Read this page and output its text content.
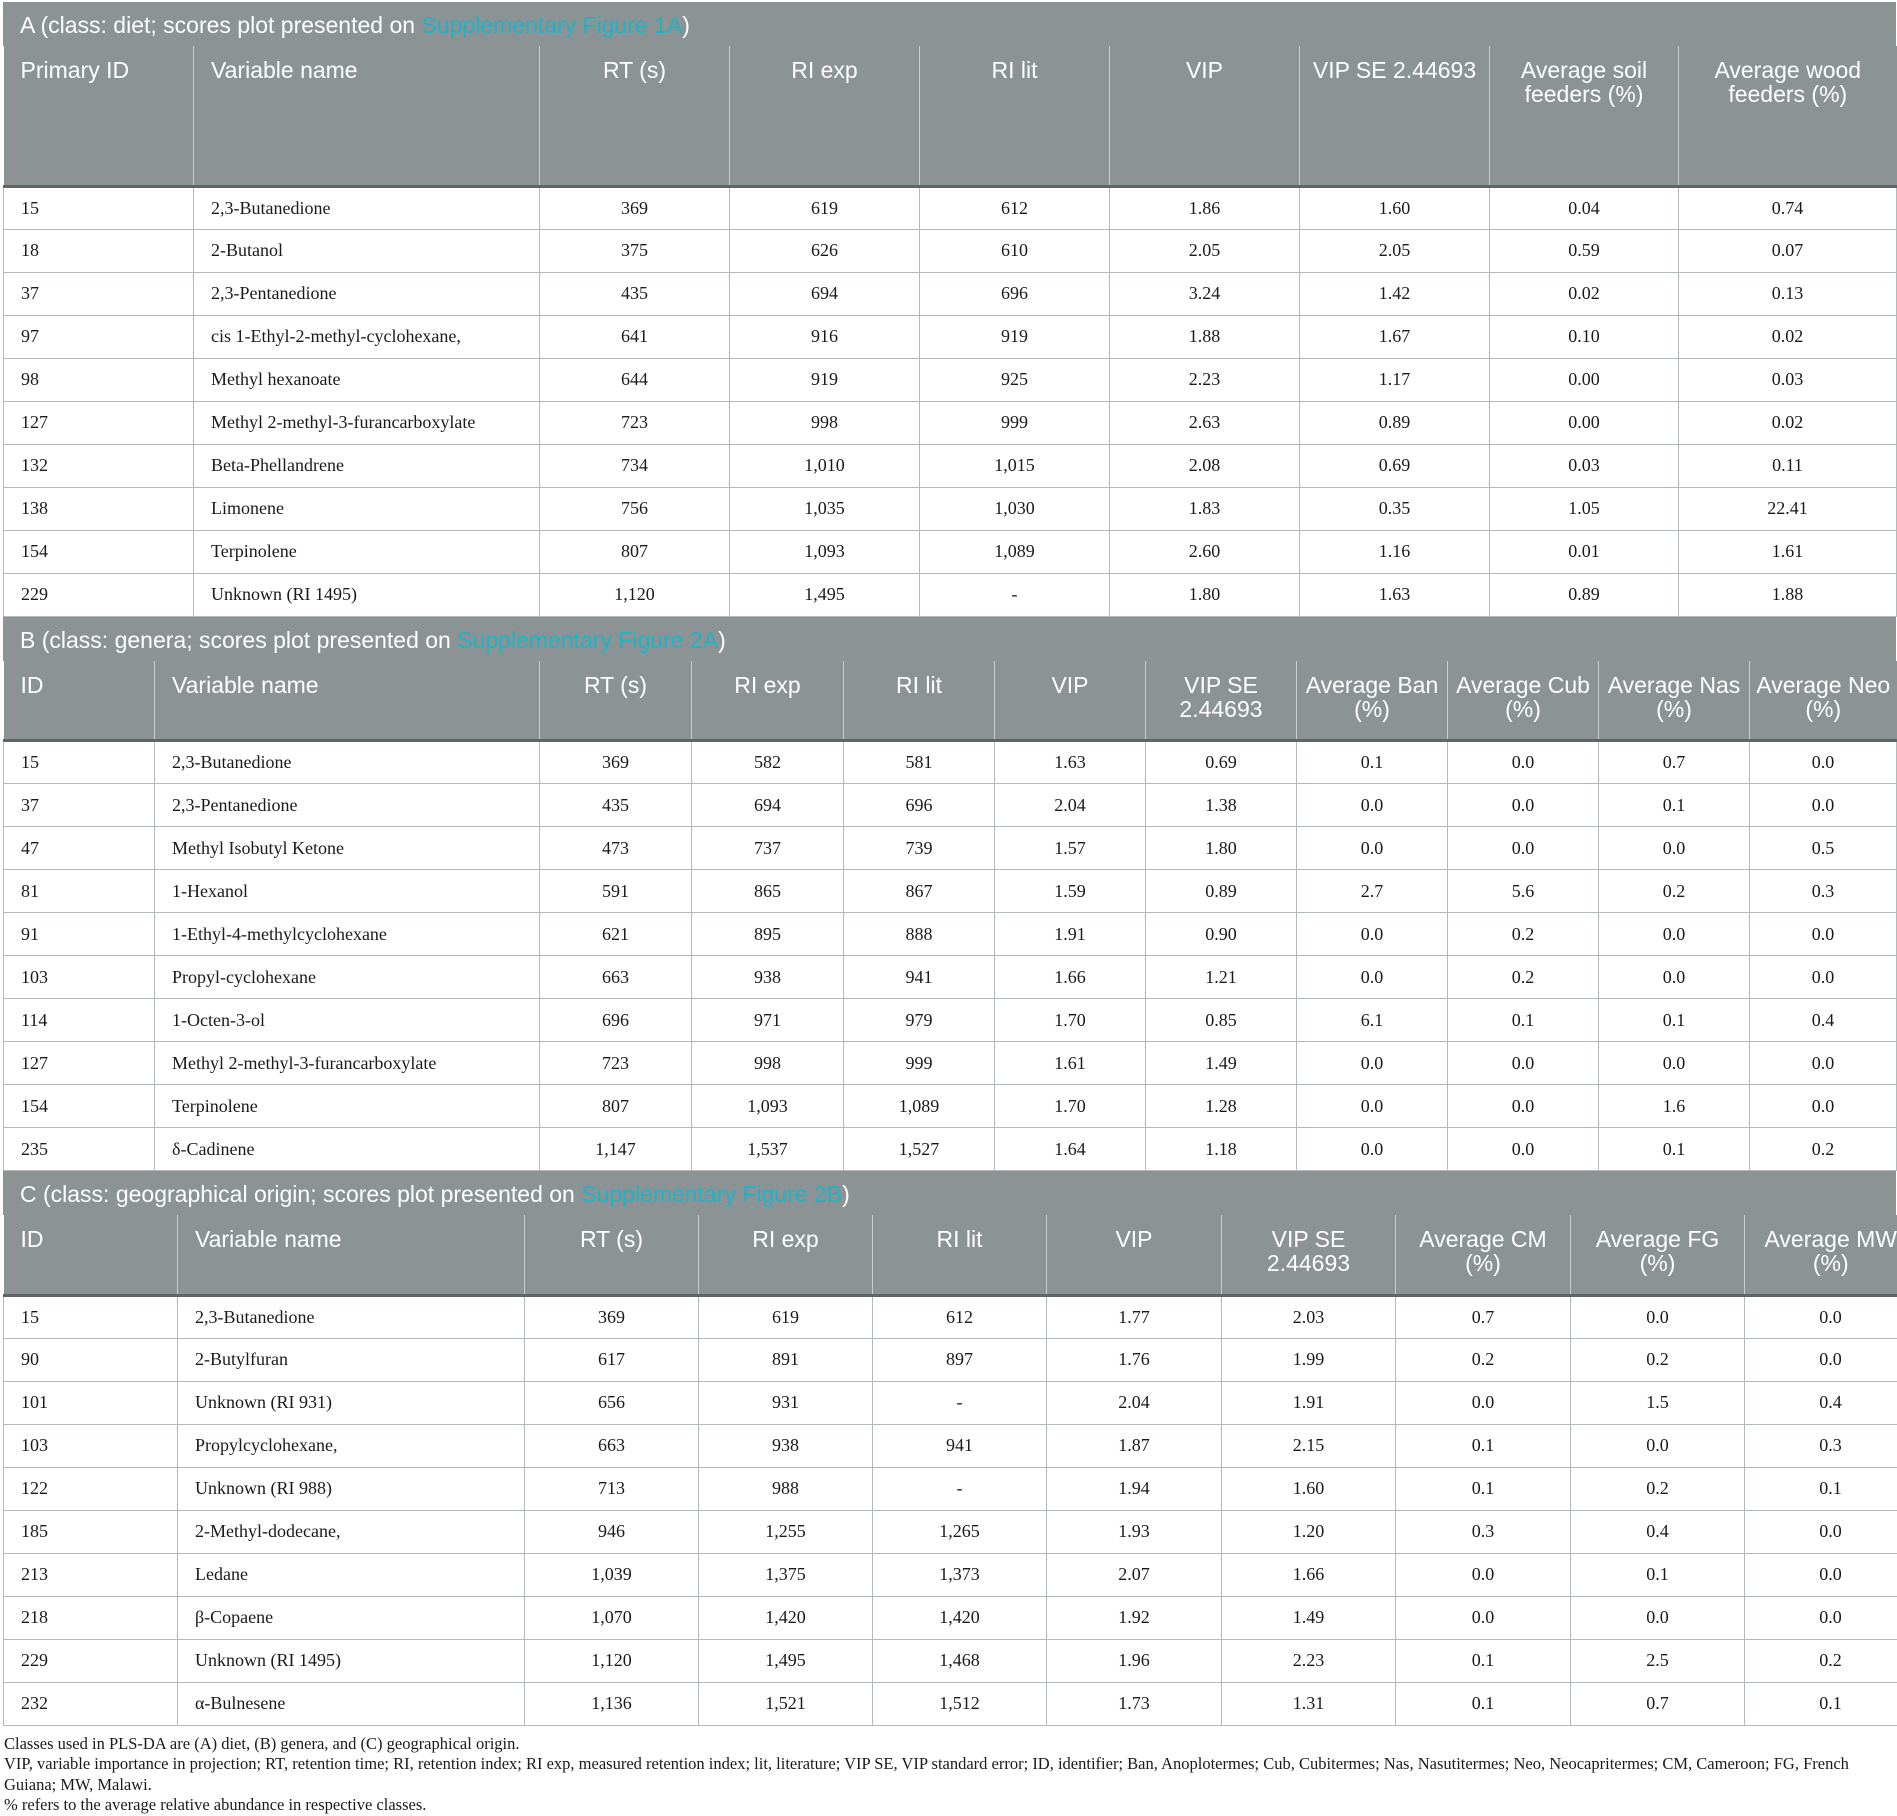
A (class: diet; scores plot presented on Supplementary Figure 1A)
Primary ID	Variable name	RT (s)	RI exp	RI lit	VIP	VIP SE 2.44693	Average soil feeders (%)	Average wood feeders (%)
15	2,3-Butanedione	369	619	612	1.86	1.60	0.04	0.74
18	2-Butanol	375	626	610	2.05	2.05	0.59	0.07
37	2,3-Pentanedione	435	694	696	3.24	1.42	0.02	0.13
97	cis 1-Ethyl-2-methyl-cyclohexane,	641	916	919	1.88	1.67	0.10	0.02
98	Methyl hexanoate	644	919	925	2.23	1.17	0.00	0.03
127	Methyl 2-methyl-3-furancarboxylate	723	998	999	2.63	0.89	0.00	0.02
132	Beta-Phellandrene	734	1,010	1,015	2.08	0.69	0.03	0.11
138	Limonene	756	1,035	1,030	1.83	0.35	1.05	22.41
154	Terpinolene	807	1,093	1,089	2.60	1.16	0.01	1.61
229	Unknown (RI 1495)	1,120	1,495	-	1.80	1.63	0.89	1.88
B (class: genera; scores plot presented on Supplementary Figure 2A)
ID	Variable name	RT (s)	RI exp	RI lit	VIP	VIP SE 2.44693	Average Ban (%)	Average Cub (%)	Average Nas (%)	Average Neo (%)
15	2,3-Butanedione	369	582	581	1.63	0.69	0.1	0.0	0.7	0.0
37	2,3-Pentanedione	435	694	696	2.04	1.38	0.0	0.0	0.1	0.0
47	Methyl Isobutyl Ketone	473	737	739	1.57	1.80	0.0	0.0	0.0	0.5
81	1-Hexanol	591	865	867	1.59	0.89	2.7	5.6	0.2	0.3
91	1-Ethyl-4-methylcyclohexane	621	895	888	1.91	0.90	0.0	0.2	0.0	0.0
103	Propyl-cyclohexane	663	938	941	1.66	1.21	0.0	0.2	0.0	0.0
114	1-Octen-3-ol	696	971	979	1.70	0.85	6.1	0.1	0.1	0.4
127	Methyl 2-methyl-3-furancarboxylate	723	998	999	1.61	1.49	0.0	0.0	0.0	0.0
154	Terpinolene	807	1,093	1,089	1.70	1.28	0.0	0.0	1.6	0.0
235	δ-Cadinene	1,147	1,537	1,527	1.64	1.18	0.0	0.0	0.1	0.2
C (class: geographical origin; scores plot presented on Supplementary Figure 2B)
ID	Variable name	RT (s)	RI exp	RI lit	VIP	VIP SE 2.44693	Average CM (%)	Average FG (%)	Average MW (%)
15	2,3-Butanedione	369	619	612	1.77	2.03	0.7	0.0	0.0
90	2-Butylfuran	617	891	897	1.76	1.99	0.2	0.2	0.0
101	Unknown (RI 931)	656	931	-	2.04	1.91	0.0	1.5	0.4
103	Propylcyclohexane,	663	938	941	1.87	2.15	0.1	0.0	0.3
122	Unknown (RI 988)	713	988	-	1.94	1.60	0.1	0.2	0.1
185	2-Methyl-dodecane,	946	1,255	1,265	1.93	1.20	0.3	0.4	0.0
213	Ledane	1,039	1,375	1,373	2.07	1.66	0.0	0.1	0.0
218	β-Copaene	1,070	1,420	1,420	1.92	1.49	0.0	0.0	0.0
229	Unknown (RI 1495)	1,120	1,495	1,468	1.96	2.23	0.1	2.5	0.2
232	α-Bulnesene	1,136	1,521	1,512	1.73	1.31	0.1	0.7	0.1
Classes used in PLS-DA are (A) diet, (B) genera, and (C) geographical origin.
VIP, variable importance in projection; RT, retention time; RI, retention index; RI exp, measured retention index; lit, literature; VIP SE, VIP standard error; ID, identifier; Ban, Anoplotermes; Cub, Cubitermes; Nas, Nasutitermes; Neo, Neocapritermes; CM, Cameroon; FG, French Guiana; MW, Malawi.
% refers to the average relative abundance in respective classes.
